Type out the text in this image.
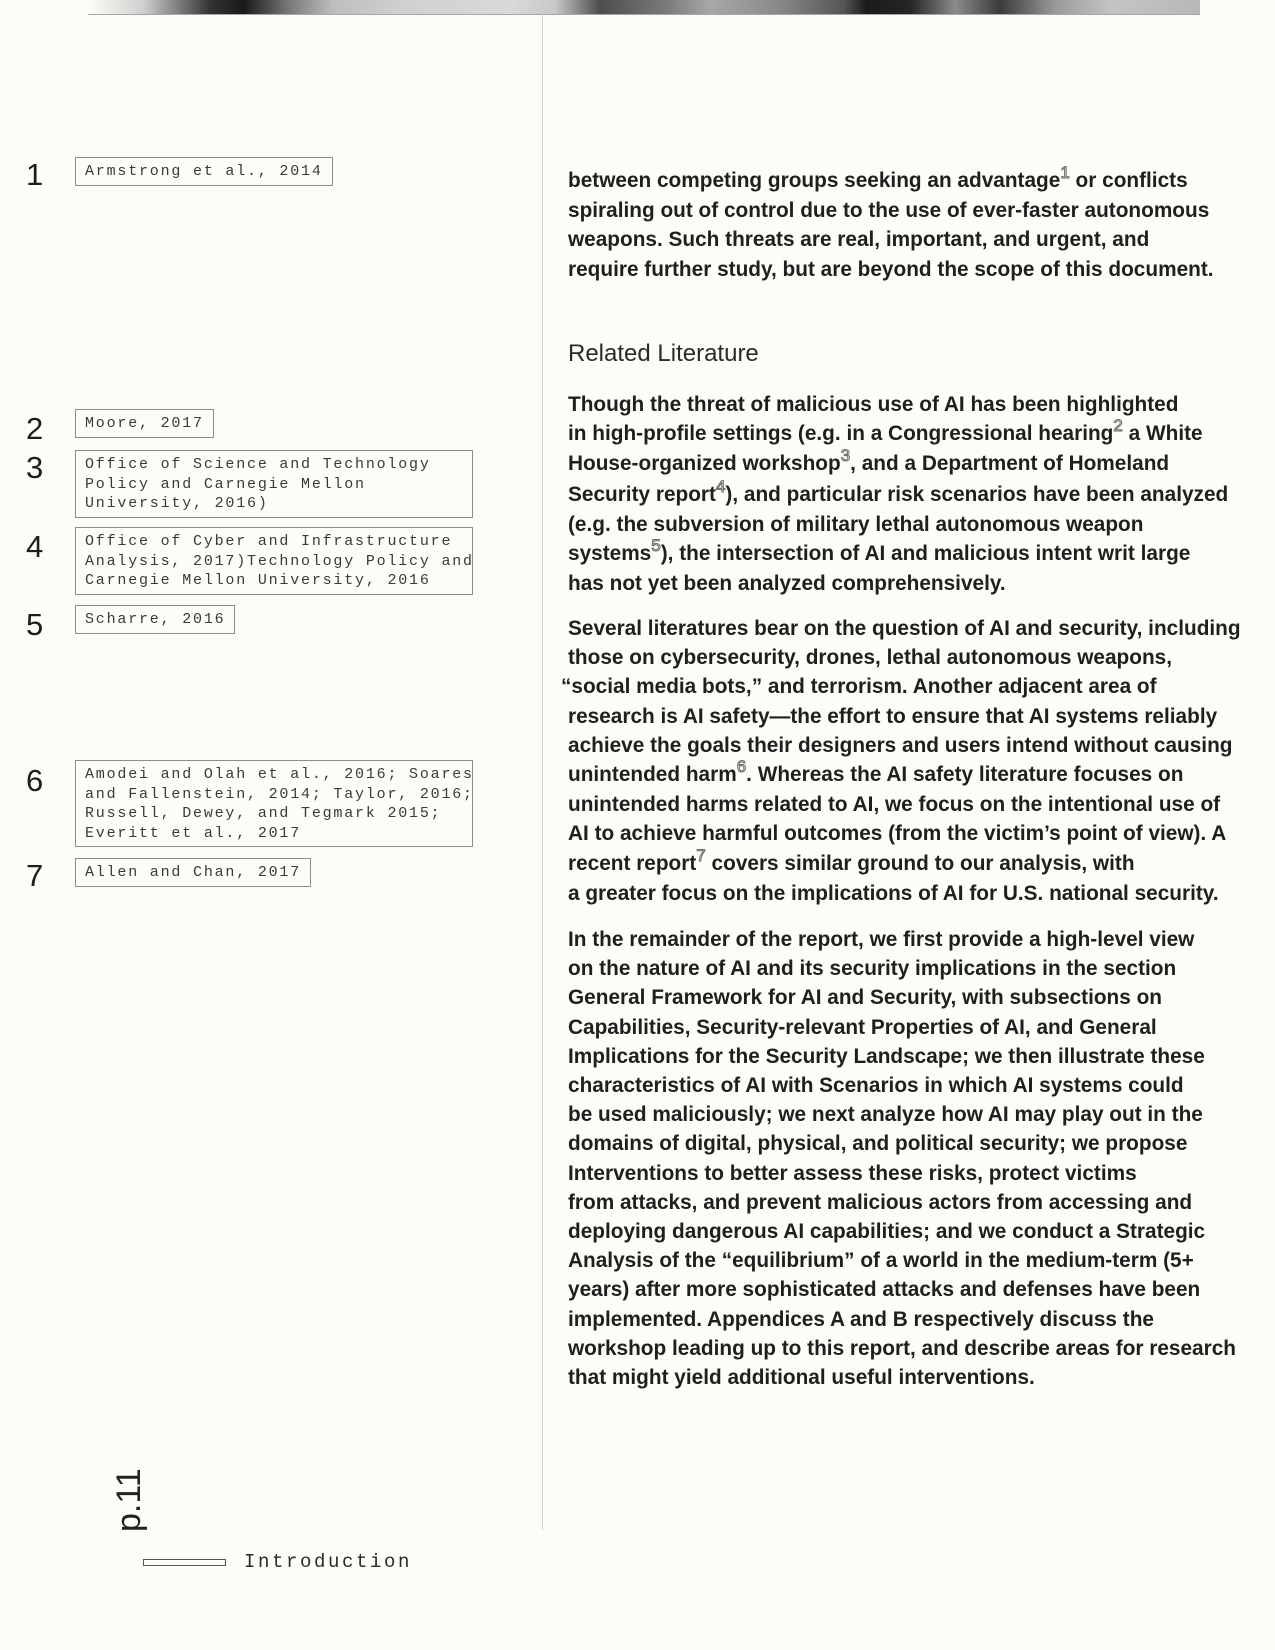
1	Armstrong et al., 2014
2	Moore, 2017
3	Office of Science and Technology
Policy and Carnegie Mellon
University, 2016)
4	Office of Cyber and Infrastructure
Analysis, 2017)Technology Policy and
Carnegie Mellon University, 2016
5	Scharre, 2016
6	Amodei and Olah et al., 2016; Soares
and Fallenstein, 2014; Taylor, 2016;
Russell, Dewey, and Tegmark 2015;
Everitt et al., 2017
7	Allen and Chan, 2017

between competing groups seeking an advantage$^1$ or conflicts
spiraling out of control due to the use of ever-faster autonomous
weapons. Such threats are real, important, and urgent, and
require further study, but are beyond the scope of this document.

Related Literature

Though the threat of malicious use of AI has been highlighted
in high-profile settings (e.g. in a Congressional hearing$^2$ a White
House-organized workshop$^3$, and a Department of Homeland
Security report$^4$), and particular risk scenarios have been analyzed
(e.g. the subversion of military lethal autonomous weapon
systems$^5$), the intersection of AI and malicious intent writ large
has not yet been analyzed comprehensively.

Several literatures bear on the question of AI and security, including
those on cybersecurity, drones, lethal autonomous weapons,
“social media bots,” and terrorism. Another adjacent area of
research is AI safety—the effort to ensure that AI systems reliably
achieve the goals their designers and users intend without causing
unintended harm$^6$. Whereas the AI safety literature focuses on
unintended harms related to AI, we focus on the intentional use of
AI to achieve harmful outcomes (from the victim’s point of view). A
recent report$^7$ covers similar ground to our analysis, with
a greater focus on the implications of AI for U.S. national security.

In the remainder of the report, we first provide a high-level view
on the nature of AI and its security implications in the section
General Framework for AI and Security, with subsections on
Capabilities, Security-relevant Properties of AI, and General
Implications for the Security Landscape; we then illustrate these
characteristics of AI with Scenarios in which AI systems could
be used maliciously; we next analyze how AI may play out in the
domains of digital, physical, and political security; we propose
Interventions to better assess these risks, protect victims
from attacks, and prevent malicious actors from accessing and
deploying dangerous AI capabilities; and we conduct a Strategic
Analysis of the “equilibrium” of a world in the medium-term (5+
years) after more sophisticated attacks and defenses have been
implemented. Appendices A and B respectively discuss the
workshop leading up to this report, and describe areas for research
that might yield additional useful interventions.

p.11
Introduction
